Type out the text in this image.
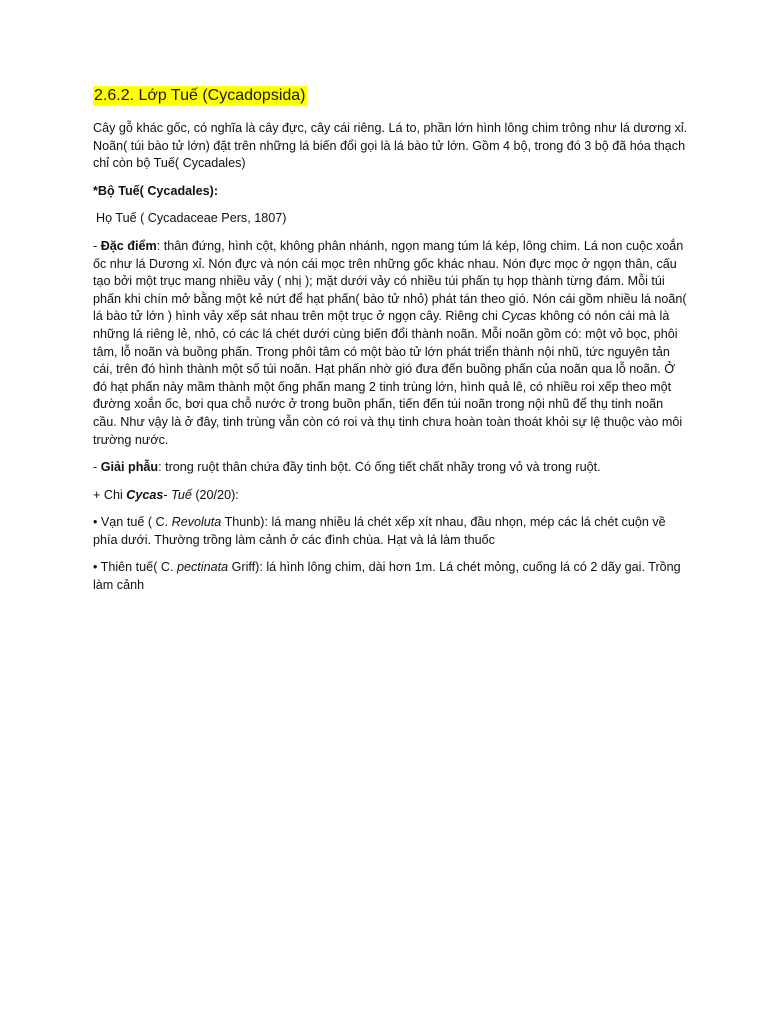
2.6.2. Lớp Tuế (Cycadopsida)

Cây gỗ khác gốc, có nghĩa là cây đực, cây cái riêng. Lá to, phần lớn hình lông chim trông như lá dương xỉ. Noãn( túi bào tử lớn) đặt trên những lá biến đổi gọi là lá bào tử lớn. Gồm 4 bộ, trong đó 3 bộ đã hóa thạch chỉ còn bộ Tuế( Cycadales)

*Bộ Tuế( Cycadales):

Họ Tuế ( Cycadaceae Pers, 1807)

- Đặc điểm: thân đứng, hình cột, không phân nhánh, ngọn mang túm lá kép, lông chim. Lá non cuộc xoắn ốc như lá Dương xỉ. Nón đực và nón cái mọc trên những gốc khác nhau. Nón đực mọc ở ngọn thân, cấu tạo bởi một trục mang nhiều vảy ( nhị ); mặt dưới vảy có nhiều túi phấn tụ họp thành từng đám. Mỗi túi phấn khi chín mở bằng một kẻ nứt để hạt phấn( bào tử nhỏ) phát tán theo gió. Nón cái gồm nhiều lá noãn( lá bào tử lớn ) hình vảy xếp sát nhau trên một trục ở ngọn cây. Riêng chi Cycas không có nón cái mà là những lá riêng lẻ, nhỏ, có các lá chét dưới cùng biến đổi thành noãn. Mỗi noãn gồm có: một vỏ bọc, phôi tâm, lỗ noãn và buồng phấn. Trong phôi tâm có một bào tử lớn phát triển thành nội nhũ, tức nguyên tản cái, trên đó hình thành một số túi noãn. Hạt phấn nhờ gió đưa đến buồng phấn của noãn qua lỗ noãn. Ở đó hạt phấn này mầm thành một ống phấn mang 2 tinh trùng lớn, hình quả lê, có nhiều roi xếp theo một đường xoắn ốc, bơi qua chỗ nước ở trong buồn phấn, tiến đến túi noãn trong nội nhũ để thụ tinh noãn cầu. Như vậy là ở đây, tinh trùng vẫn còn có roi và thụ tinh chưa hoàn toàn thoát khỏi sự lệ thuộc vào môi trường nước.

- Giải phẫu: trong ruột thân chứa đầy tinh bột. Có ống tiết chất nhầy trong vỏ và trong ruột.

+ Chi Cycas- Tuế (20/20):

• Vạn tuế ( C. Revoluta Thunb): lá mang nhiều lá chét xếp xít nhau, đầu nhọn, mép các lá chét cuộn về phía dưới. Thường trồng làm cảnh ở các đình chùa. Hạt và lá làm thuốc

• Thiên tuế( C. pectinata Griff): lá hình lông chim, dài hơn 1m. Lá chét mỏng, cuống lá có 2 dãy gai. Trồng làm cảnh
